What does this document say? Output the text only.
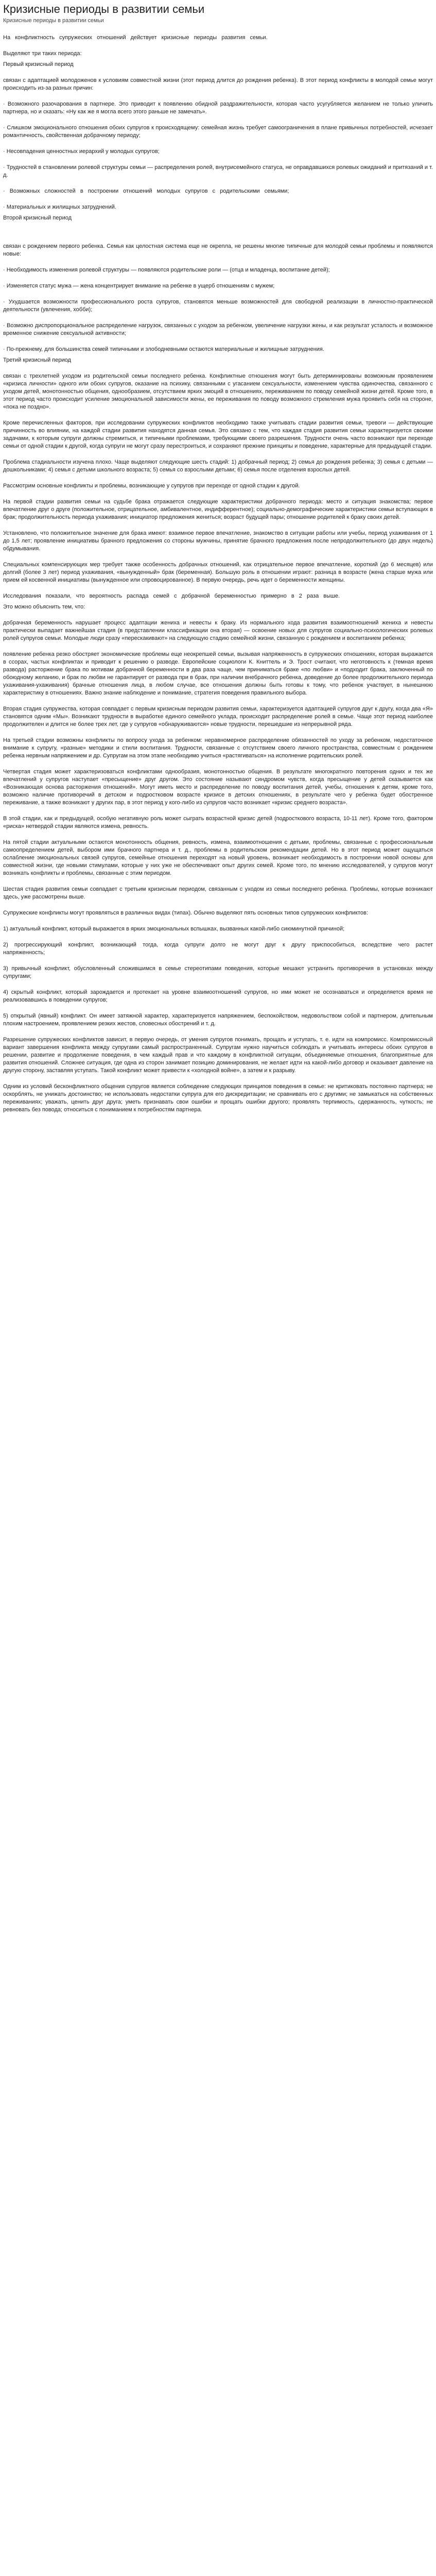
Кризисные периоды в развитии семьи
Кризисные периоды в развитии семьи

На конфликтность супружеских отношений действует кризисные периоды развития семьи.

Выделяют три таких периода:

Первый кризисный период

связан с адаптацией молодоженов к условиям совместной жизни (этот период длится до рождения ребенка). В этот период конфликты в молодой семье могут происходить из-за разных причин:

· Возможного разочарования в партнере. Это приводит к появлению обидной раздражительности, которая часто усугубляется желанием не только уличить партнера, но и сказать: «Ну как же я могла всего этого раньше не замечать».

· Слишком эмоционального отношения обоих супругов к происходящему: семейная жизнь требует самоограничения в плане привычных потребностей, исчезает романтичность, свойственная добрачному периоду;

· Несовпадения ценностных иерархий у молодых супругов;

· Трудностей в становлении ролевой структуры семьи — распределения ролей, внутрисемейного статуса, не оправдавшихся ролевых ожиданий и притязаний и т. д.

· Возможных сложностей в построении отношений молодых супругов с родительскими семьями;

· Материальных и жилищных затруднений.

Второй кризисный период

связан с рождением первого ребенка. Семья как целостная система еще не окрепла, не решены многие типичные для молодой семьи проблемы и появляются новые:

· Необходимость изменения ролевой структуры — появляются родительские роли — (отца и младенца, воспитание детей);

· Изменяется статус мужа — жена концентрирует внимание на ребенке в ущерб отношениям с мужем;

· Ухудшается возможности профессионального роста супругов, становятся меньше возможностей для свободной реализации в личностно-практической деятельности (увлечения, хобби);

· Возможно диспропорциональное распределение нагрузок, связанных с уходом за ребенком, увеличение нагрузки жены, и как результат усталость и возможное временное снижение сексуальной активности;

· По-прежнему, для большинства семей типичными и злободневными остаются материальные и жилищные затруднения.

Третий кризисный период

связан с трехлетней уходом из родительской семьи последнего ребенка. Конфликтные отношения могут быть детерминированы возможным проявлением «кризиса личности» одного или обоих супругов, оказание на психику, связанными с угасанием сексуальности, изменением чувства одиночества, связанного с уходом детей, монотонностью общения, однообразием, отсутствием ярких эмоций в отношениях, переживанием по поводу семейной жизни детей. Кроме того, в этот период часто происходит усиление эмоциональной зависимости жены, ее переживания по поводу возможного стремления мужа проявить себя на стороне, «пока не поздно».

Кроме перечисленных факторов, при исследовании супружеских конфликтов необходимо также учитывать стадии развития семьи, тревоги — действующие причинность во влиянии, на каждой стадии развития находятся данная семья. Это связано с тем, что каждая стадия развития семьи характеризуется своими задачами, к которым супруги должны стремиться, и типичными проблемами, требующими своего разрешения. Трудности очень часто возникают при переходе семьи от одной стадии к другой, когда супруги не могут сразу перестроиться, и сохраняют прежние принципы и поведение, характерные для предыдущей стадии.

Проблема стадиальности изучена плохо. Чаще выделяют следующие шесть стадий: 1) добрачный период; 2) семья до рождения ребенка; 3) семья с детьми — дошкольниками; 4) семья с детьми школьного возраста; 5) семья со взрослыми детьми; 6) семья после отделения взрослых детей.

Рассмотрим основные конфликты и проблемы, возникающие у супругов при переходе от одной стадии к другой.

На первой стадии развития семьи на судьбе брака отражается следующие характеристики добрачного периода: место и ситуация знакомства; первое впечатление друг о друге (положительное, отрицательное, амбивалентное, индифферентное); социально-демографические характеристики семьи вступающих в брак; продолжительность периода ухаживания; инициатор предложения жениться; возраст будущей пары; отношение родителей к браку своих детей.

Установлено, что положительное значение для брака имеют: взаимное первое впечатление, знакомство в ситуации работы или учебы, период ухаживания от 1 до 1,5 лет; проявление инициативы брачного предложения со стороны мужчины, принятие брачного предложения после непродолжительного (до двух недель) обдумывания.

Специальных компенсирующих мер требует также особенность добрачных отношений, как отрицательное первое впечатление, короткий (до 6 месяцев) или долгий (более 3 лет) период ухаживания, «вынужденный» брак (беременная). Большую роль в отношении играют: разница в возрасте (жена старше мужа или прием ей косвенной инициативы (вынужденное или спровоцированное). В первую очередь, речь идет о беременности женщины.

Исследования показали, что вероятность распада семей с добрачной беременностью примерно в 2 раза выше.

Это можно объяснить тем, что:

добрачная беременность нарушает процесс адаптации жениха и невесты к браку. Из нормального хода развития взаимоотношений жениха и невесты практически выпадает важнейшая стадия (в представлении классификации она вторая) — освоение новых для супругов социально-психологических ролевых ролей супругов семьи. Молодые люди сразу «перескакивают» на следующую стадию семейной жизни, связанную с рождением и воспитанием ребенка;

появление ребенка резко обостряет экономические проблемы еще неокрепшей семьи, вызывая напряженность в супружеских отношениях, которая выражается в ссорах, частых конфликтах и приводит к решению о разводе. Европейские социологи К. Книттель и Э. Трост считают, что неготовность к (темная время развода) расторжение брака по мотивам добрачной беременности в два раза чаще, чем приниматься браке «по любви» и «подходит брака, заключенный по обоюдному желанию, и брак по любви не гарантирует от развода при в брак, при наличии внебрачного ребенка, доведение до более продолжительного периода ухаживания-ухаживания) брачные отношения лица, в любом случае, все отношения должны быть готовы к тому, что ребенок участвует, в нынешнюю характеристику в отношениях. Важно знание наблюдение и понимание, стратегия поведения правильного выбора.

Вторая стадия супружества, которая совпадает с первым кризисным периодом развития семьи, характеризуется адаптацией супругов друг к другу, когда два «Я» становятся одним «Мы». Возникают трудности в выработке единого семейного уклада, происходит распределение ролей в семье. Чаще этот период наиболее продолжителен и длится не более трех лет, где у супругов «обнаруживаются» новые трудности, перешедшие из непрерывной ряда.

На третьей стадии возможны конфликты по вопросу ухода за ребенком: неравномерное распределение обязанностей по уходу за ребенком, недостаточное внимание к супругу, «разные» методики и стили воспитания. Трудности, связанные с отсутствием своего личного пространства, совместным с рождением ребенка нервным напряжением и др. Супругам на этом этапе необходимо учиться «растягиваться» на исполнение родительских ролей.

Четвертая стадия может характеризоваться конфликтами однообразия, монотонностью общения. В результате многократного повторения одних и тех же впечатлений у супругов наступает «пресыщение» друг другом. Это состояние называют синдромом чувств, когда пресыщение у детей сказывается как «Возникающая основа расторжения отношений». Могут иметь место и распределение по поводу воспитания детей, учебы, отношения к детям, кроме того, возможно наличие противоречий в детском и подростковом возрасте кризисе в детских отношениях, в результате чего у ребенка будет обостренное переживание, а также возникают у других пар, в этот период у кого-либо из супругов часто возникает «кризис среднего возраста».

В этой стадии, как и предыдущей, особую негативную роль может сыграть возрастной кризис детей (подросткового возраста, 10-11 лет). Кроме того, фактором «риска» нетвердой стадии являются измена, ревность.

На пятой стадии актуальными остаются монотонность общения, ревность, измена, взаимоотношения с детьми, проблемы, связанные с профессиональным самоопределением детей, выбором ими брачного партнера и т. д., проблемы в родительском рекомендации детей. Но в этот период может ощущаться ослабление эмоциональных связей супругов, семейные отношения переходят на новый уровень, возникает необходимость в построении новой основы для совместной жизни, где новыми стимулами, которые у них уже не обеспечивают опыт других семей. Кроме того, по мнению исследователей, у супругов могут возникать конфликты и проблемы, связанные с этим периодом.

Шестая стадия развития семьи совпадает с третьим кризисным периодом, связанным с уходом из семьи последнего ребенка. Проблемы, которые возникают здесь, уже рассмотрены выше.

Супружеские конфликты могут проявляться в различных видах (типах). Обычно выделяют пять основных типов супружеских конфликтов:

1) актуальный конфликт, который выражается в ярких эмоциональных вспышках, вызванных какой-либо сиюминутной причиной;

2) прогрессирующий конфликт, возникающий тогда, когда супруги долго не могут друг к другу приспособиться, вследствие чего растет напряженность;

3) привычный конфликт, обусловленный сложившимся в семье стереотипами поведения, которые мешают устранить противоречия в установках между супругами;

4) скрытый конфликт, который зарождается и протекает на уровне взаимоотношений супругов, но ими может не осознаваться и определяется время не реализовавшись в поведении супругов;

5) открытый (явный) конфликт. Он имеет затяжной характер, характеризуется напряжением, беспокойством, недовольством собой и партнером, длительным плохим настроением, проявлением резких жестов, словесных обострений и т. д.

Разрешение супружеских конфликтов зависит, в первую очередь, от умения супругов понимать, прощать и уступать, т. е. идти на компромисс. Компромиссный вариант завершения конфликта между супругами самый распространенный. Супругам нужно научиться соблюдать и учитывать интересы обоих супругов в решении, развитие и продолжение поведения, в чем каждый прав и что каждому в конфликтной ситуации, объединяемые отношения, благоприятные для развития отношений. Сложнее ситуация, где одна из сторон занимает позицию доминирования, не желает идти на какой-либо договор и оказывает давление на другую сторону, заставляя уступать. Такой конфликт может привести к «холодной войне», а затем и к разрыву.

Одним из условий бесконфликтного общения супругов является соблюдение следующих принципов поведения в семье: не критиковать постоянно партнера; не оскорблять, не унижать достоинство; не использовать недостатки супруга для его дискредитации; не сравнивать его с другими; не замыкаться на собственных переживаниях; уважать, ценить друг друга; уметь признавать свои ошибки и прощать ошибки другого; проявлять терпимость, сдержанность, чуткость; не ревновать без повода; относиться с пониманием к потребностям партнера.
